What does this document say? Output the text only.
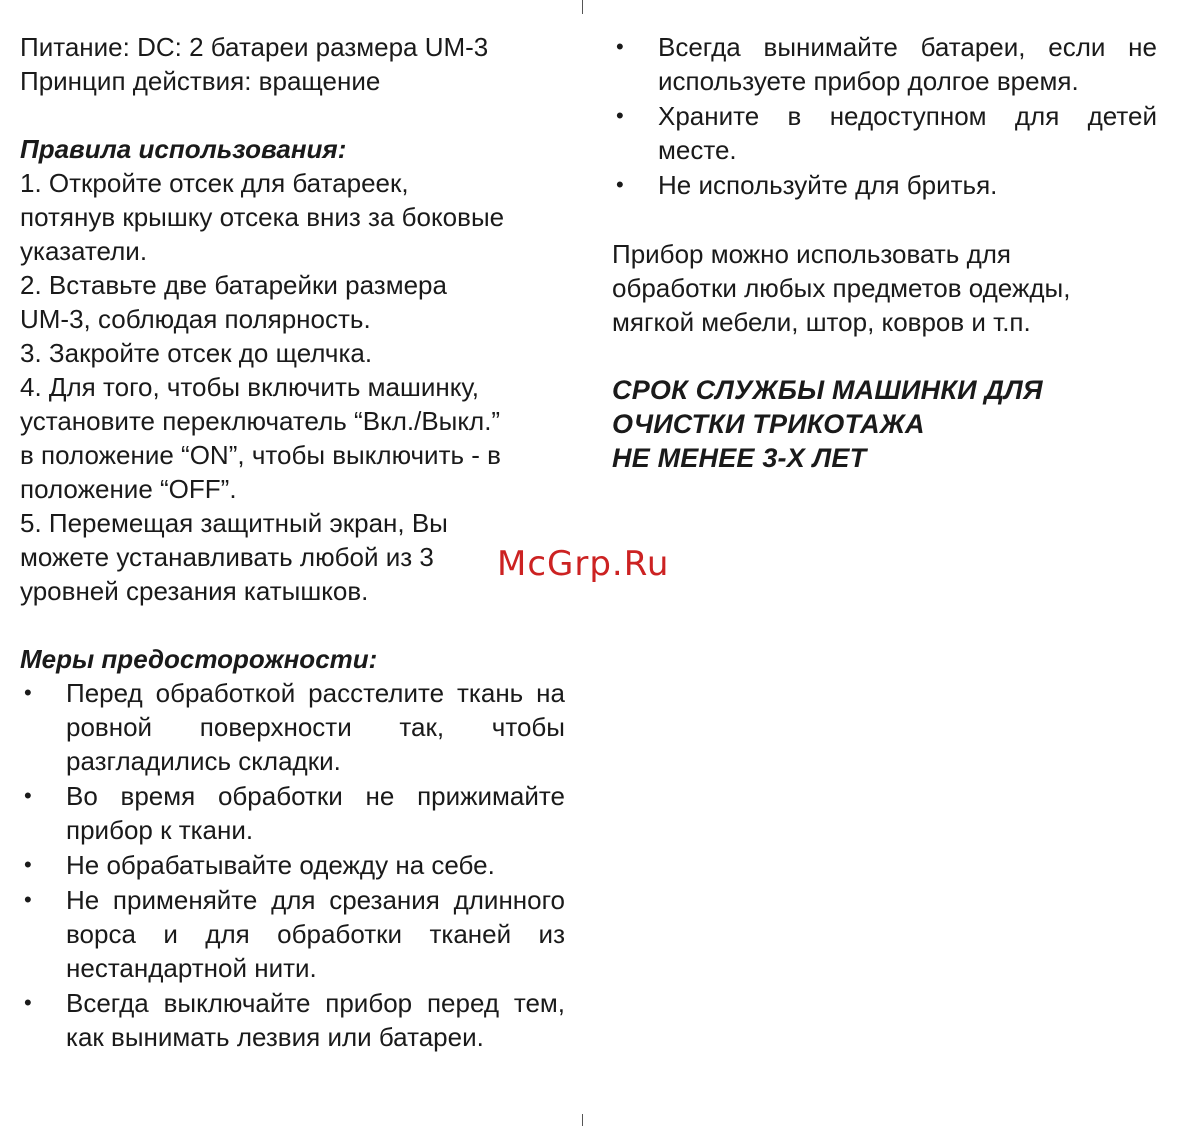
Питание: DC: 2 батареи размера UM-3
Принцип действия: вращение
Правила использования:
1. Откройте отсек для батареек,
потянув крышку отсека вниз за боковые
указатели.
2. Вставьте две батарейки размера
UM-3, соблюдая полярность.
3. Закройте отсек до щелчка.
4. Для того, чтобы включить машинку,
установите переключатель “Вкл./Выкл.”
в положение “ON”, чтобы выключить - в
положение “OFF”.
5. Перемещая защитный экран, Вы
можете устанавливать любой из 3
уровней срезания катышков.
Меры предосторожности:
• Перед обработкой расстелите ткань на ровной поверхности так, чтобы разгладились складки.
• Во время обработки не прижимайте прибор к ткани.
• Не обрабатывайте одежду на себе.
• Не применяйте для срезания длинного ворса и для обработки тканей из нестандартной нити.
• Всегда выключайте прибор перед тем, как вынимать лезвия или батареи.
• Всегда вынимайте батареи, если не используете прибор долгое время.
• Храните в недоступном для детей месте.
• Не используйте для бритья.
Прибор можно использовать для
обработки любых предметов одежды,
мягкой мебели, штор, ковров и т.п.
СРОК СЛУЖБЫ МАШИНКИ ДЛЯ
ОЧИСТКИ ТРИКОТАЖА
НЕ МЕНЕЕ 3-Х ЛЕТ
McGrp.Ru
